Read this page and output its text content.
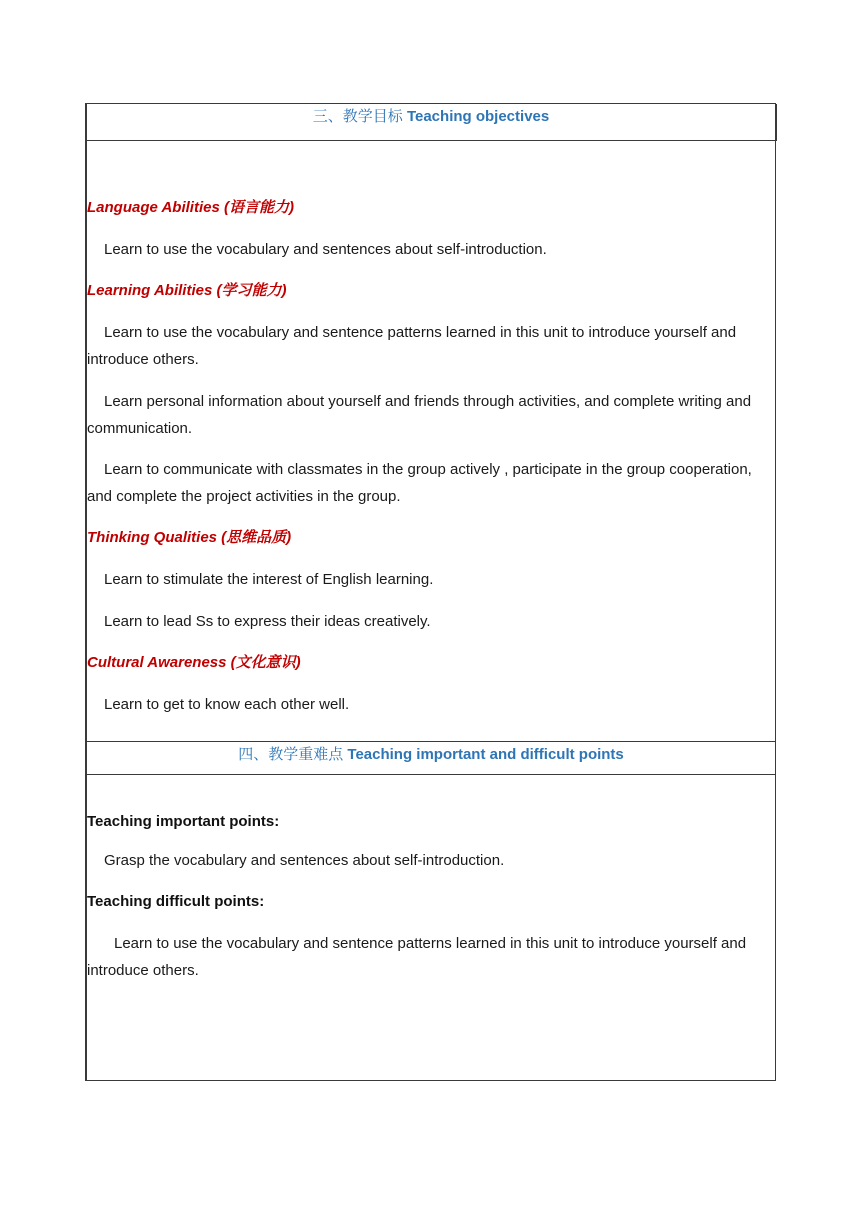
三、教学目标 Teaching objectives
Language Abilities (语言能力)
Learn to use the vocabulary and sentences about self-introduction.
Learning Abilities (学习能力)
Learn to use the vocabulary and sentence patterns learned in this unit to introduce yourself and introduce others.
Learn personal information about yourself and friends through activities, and complete writing and communication.
Learn to communicate with classmates in the group actively , participate in the group cooperation, and complete the project activities in the group.
Thinking Qualities (思维品质)
Learn to stimulate the interest of English learning.
Learn to lead Ss to express their ideas creatively.
Cultural Awareness (文化意识)
Learn to get to know each other well.
四、教学重难点 Teaching important and difficult points
Teaching important points:
Grasp the vocabulary and sentences about self-introduction.
Teaching difficult points:
Learn to use the vocabulary and sentence patterns learned in this unit to introduce yourself and introduce others.
